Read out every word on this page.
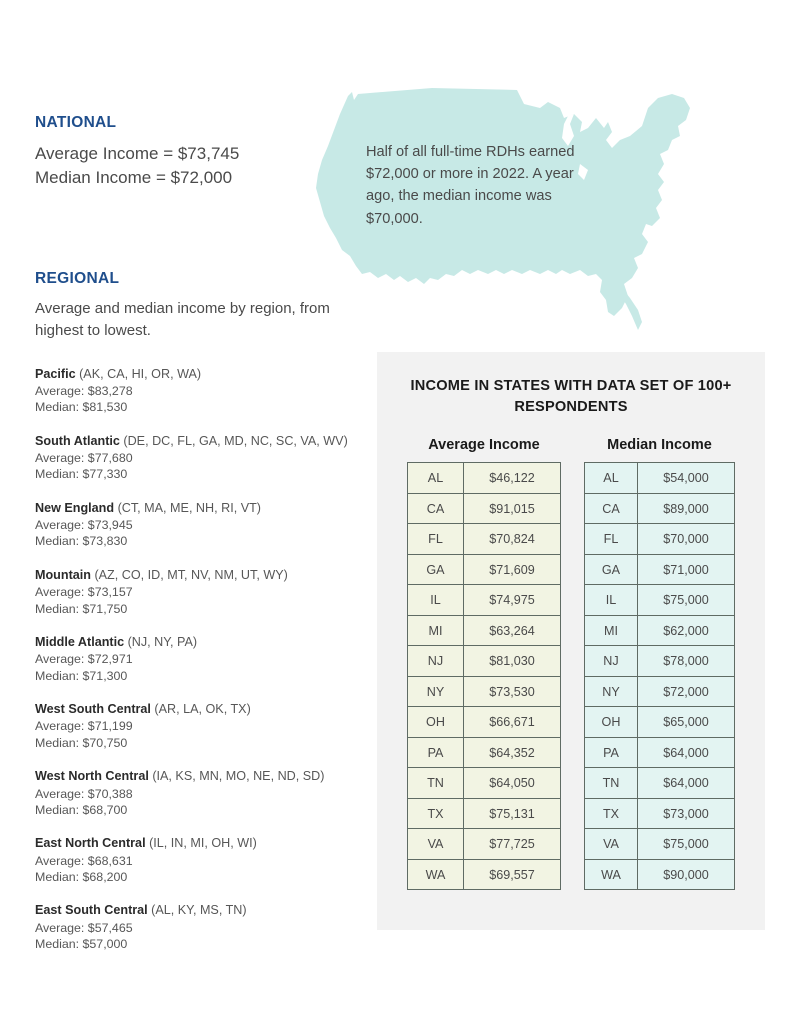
NATIONAL
Average Income = $73,745
Median Income = $72,000
Half of all full-time RDHs earned $72,000 or more in 2022. A year ago, the median income was $70,000.
REGIONAL
Average and median income by region, from highest to lowest.
Pacific (AK, CA, HI, OR, WA)
Average: $83,278
Median: $81,530
South Atlantic (DE, DC, FL, GA, MD, NC, SC, VA, WV)
Average: $77,680
Median: $77,330
New England (CT, MA, ME, NH, RI, VT)
Average: $73,945
Median: $73,830
Mountain (AZ, CO, ID, MT, NV, NM, UT, WY)
Average: $73,157
Median: $71,750
Middle Atlantic (NJ, NY, PA)
Average: $72,971
Median: $71,300
West South Central (AR, LA, OK, TX)
Average: $71,199
Median: $70,750
West North Central (IA, KS, MN, MO, NE, ND, SD)
Average: $70,388
Median: $68,700
East North Central (IL, IN, MI, OH, WI)
Average: $68,631
Median: $68,200
East South Central (AL, KY, MS, TN)
Average: $57,465
Median: $57,000
INCOME IN STATES WITH DATA SET OF 100+ RESPONDENTS
Average Income
AL	$46,122
CA	$91,015
FL	$70,824
GA	$71,609
IL	$74,975
MI	$63,264
NJ	$81,030
NY	$73,530
OH	$66,671
PA	$64,352
TN	$64,050
TX	$75,131
VA	$77,725
WA	$69,557
Median Income
AL	$54,000
CA	$89,000
FL	$70,000
GA	$71,000
IL	$75,000
MI	$62,000
NJ	$78,000
NY	$72,000
OH	$65,000
PA	$64,000
TN	$64,000
TX	$73,000
VA	$75,000
WA	$90,000
